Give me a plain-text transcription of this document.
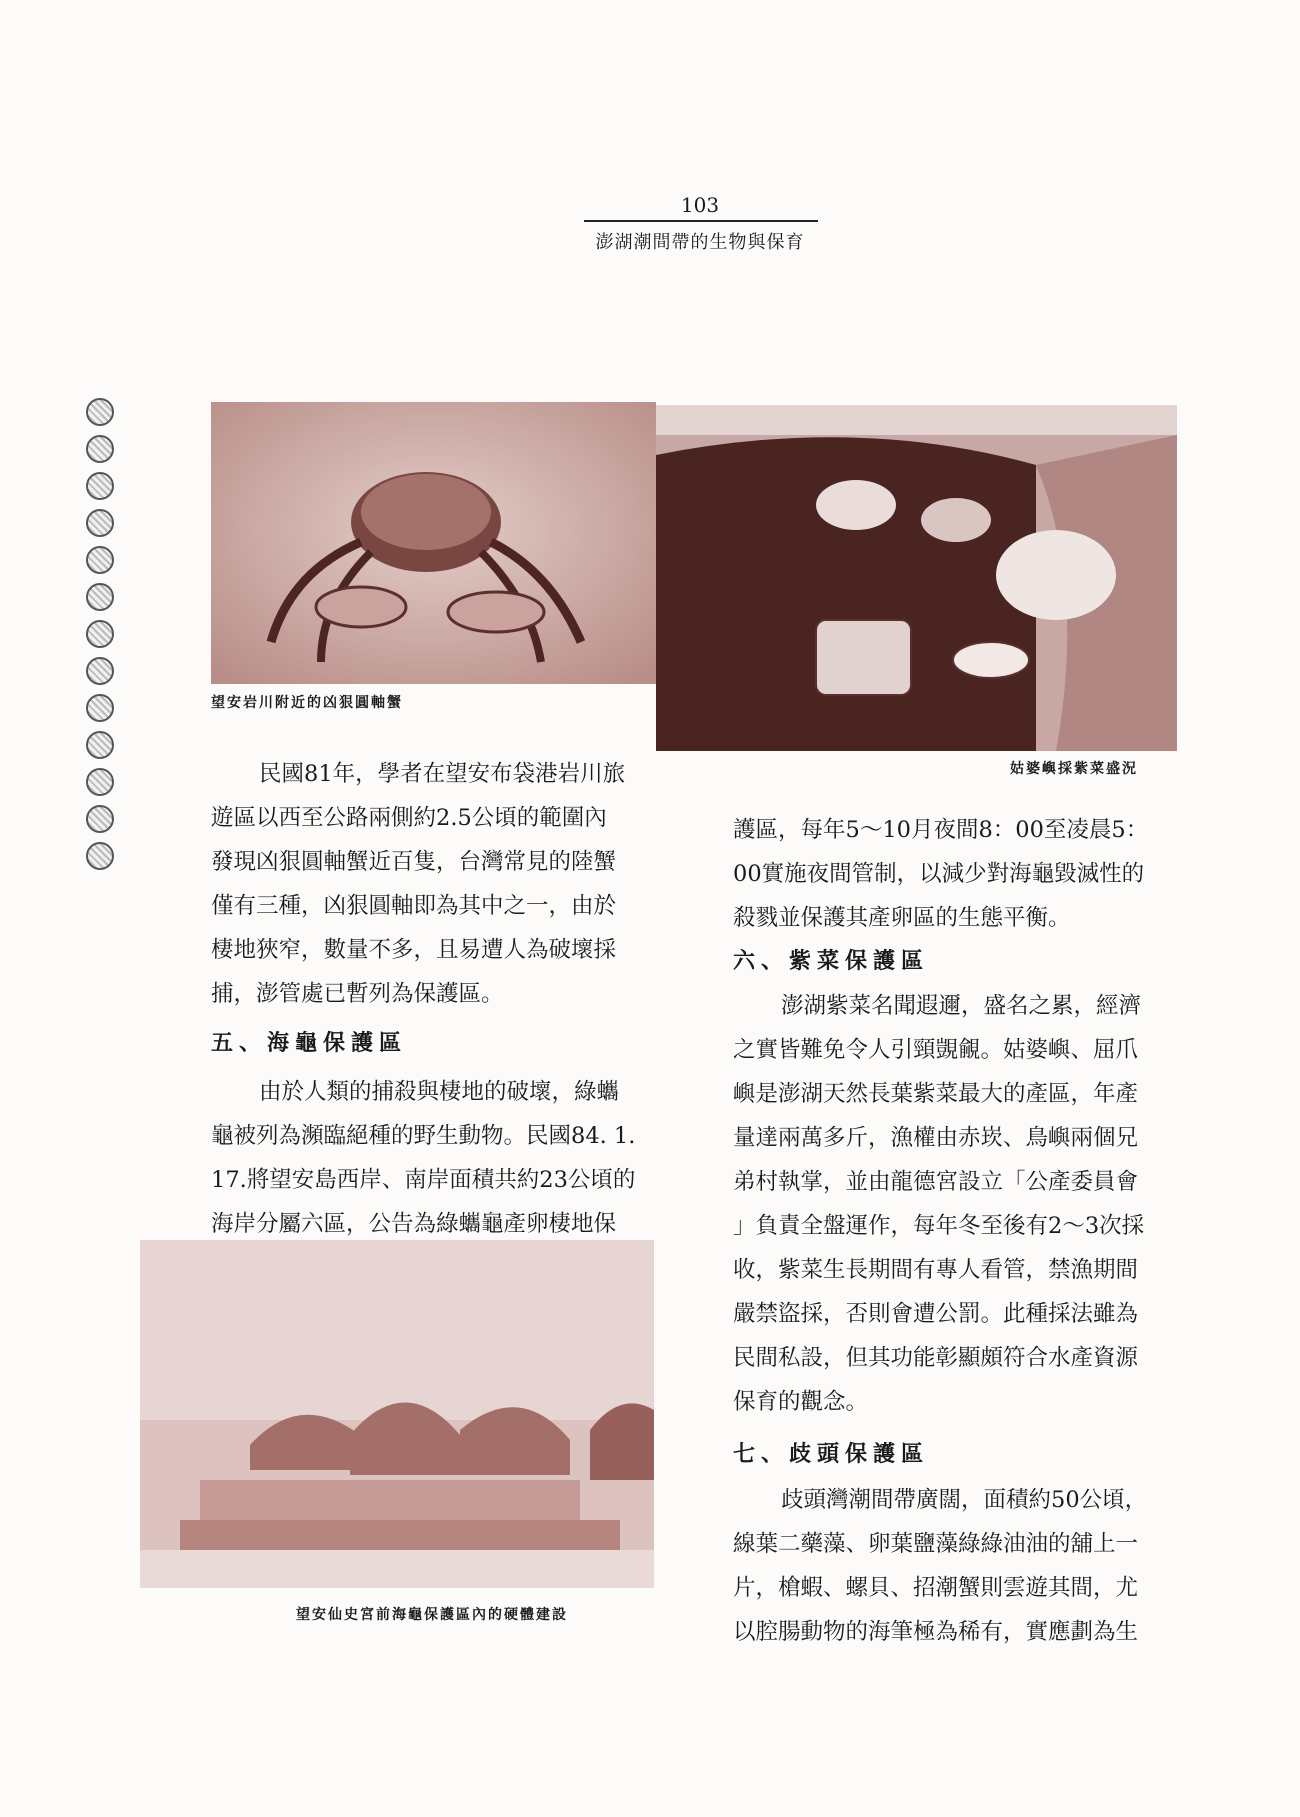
103
澎湖潮間帶的生物與保育
望安岩川附近的凶狠圓軸蟹
姑婆嶼採紫菜盛況
望安仙史宮前海龜保護區內的硬體建設

民國81年，學者在望安布袋港岩川旅

遊區以西至公路兩側約2.5公頃的範圍內

發現凶狠圓軸蟹近百隻，台灣常見的陸蟹

僅有三種，凶狠圓軸即為其中之一，由於

棲地狹窄，數量不多，且易遭人為破壞採

捕，澎管處已暫列為保護區。

五、海龜保護區

由於人類的捕殺與棲地的破壞，綠蠵

龜被列為瀕臨絕種的野生動物。民國84. 1.

17.將望安島西岸、南岸面積共約23公頃的

海岸分屬六區，公告為綠蠵龜產卵棲地保

護區，每年5～10月夜間8：00至凌晨5：

00實施夜間管制，以減少對海龜毀滅性的

殺戮並保護其產卵區的生態平衡。

六、紫菜保護區

澎湖紫菜名聞遐邇，盛名之累，經濟

之實皆難免令人引頸覬覦。姑婆嶼、屈爪

嶼是澎湖天然長葉紫菜最大的產區，年產

量達兩萬多斤，漁權由赤崁、鳥嶼兩個兄

弟村執掌，並由龍德宮設立「公產委員會

」負責全盤運作，每年冬至後有2～3次採

收，紫菜生長期間有專人看管，禁漁期間

嚴禁盜採，否則會遭公罰。此種採法雖為

民間私設，但其功能彰顯頗符合水產資源

保育的觀念。

七、歧頭保護區

歧頭灣潮間帶廣闊，面積約50公頃，

線葉二藥藻、卵葉鹽藻綠綠油油的舖上一

片，槍蝦、螺貝、招潮蟹則雲遊其間，尤

以腔腸動物的海筆極為稀有，實應劃為生
